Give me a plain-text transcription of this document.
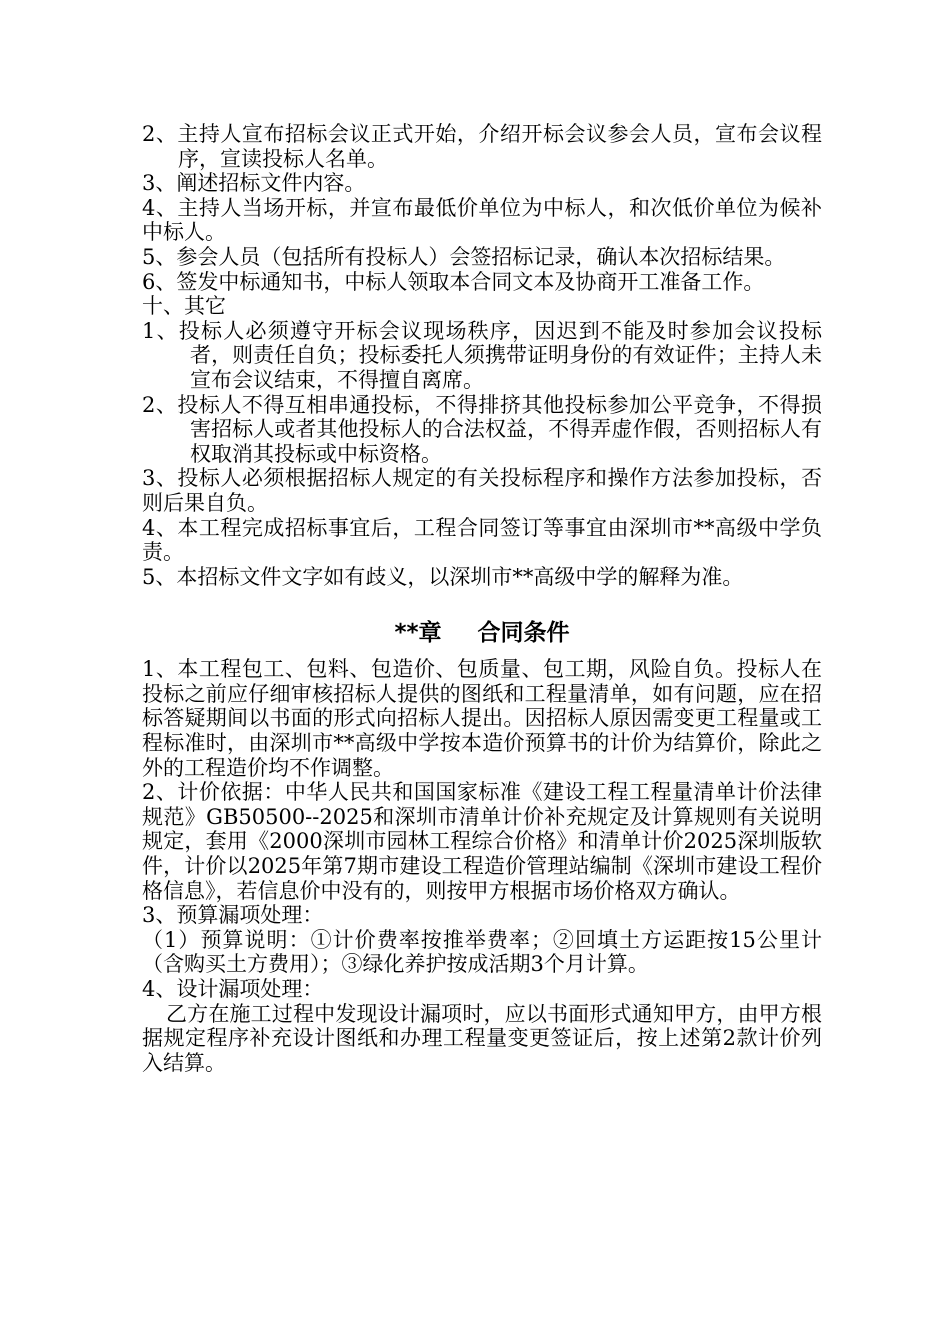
2、主持人宣布招标会议正式开始，介绍开标会议参会人员，宣布会议程序，宣读投标人名单。

3、阐述招标文件内容。

4、主持人当场开标，并宣布最低价单位为中标人，和次低价单位为候补中标人。

5、参会人员（包括所有投标人）会签招标记录，确认本次招标结果。

6、签发中标通知书，中标人领取本合同文本及协商开工准备工作。

十、其它

1、投标人必须遵守开标会议现场秩序，因迟到不能及时参加会议投标者，则责任自负；投标委托人须携带证明身份的有效证件；主持人未宣布会议结束，不得擅自离席。

2、投标人不得互相串通投标，不得排挤其他投标参加公平竞争，不得损害招标人或者其他投标人的合法权益，不得弄虚作假，否则招标人有权取消其投标或中标资格。

3、投标人必须根据招标人规定的有关投标程序和操作方法参加投标，否则后果自负。

4、本工程完成招标事宜后，工程合同签订等事宜由深圳市**高级中学负责。

5、本招标文件文字如有歧义，以深圳市**高级中学的解释为准。

**章 合同条件

1、本工程包工、包料、包造价、包质量、包工期，风险自负。投标人在投标之前应仔细审核招标人提供的图纸和工程量清单，如有问题，应在招标答疑期间以书面的形式向招标人提出。因招标人原因需变更工程量或工程标准时，由深圳市**高级中学按本造价预算书的计价为结算价，除此之外的工程造价均不作调整。

2、计价依据：中华人民共和国国家标准《建设工程工程量清单计价法律规范》GB50500--2025和深圳市清单计价补充规定及计算规则有关说明规定，套用《2000深圳市园林工程综合价格》和清单计价2025深圳版软件，计价以2025年第7期市建设工程造价管理站编制《深圳市建设工程价格信息》，若信息价中没有的，则按甲方根据市场价格双方确认。

3、预算漏项处理：

（1）预算说明：①计价费率按推举费率；②回填土方运距按15公里计（含购买土方费用）；③绿化养护按成活期3个月计算。

4、设计漏项处理：

乙方在施工过程中发现设计漏项时，应以书面形式通知甲方，由甲方根据规定程序补充设计图纸和办理工程量变更签证后，按上述第2款计价列入结算。
